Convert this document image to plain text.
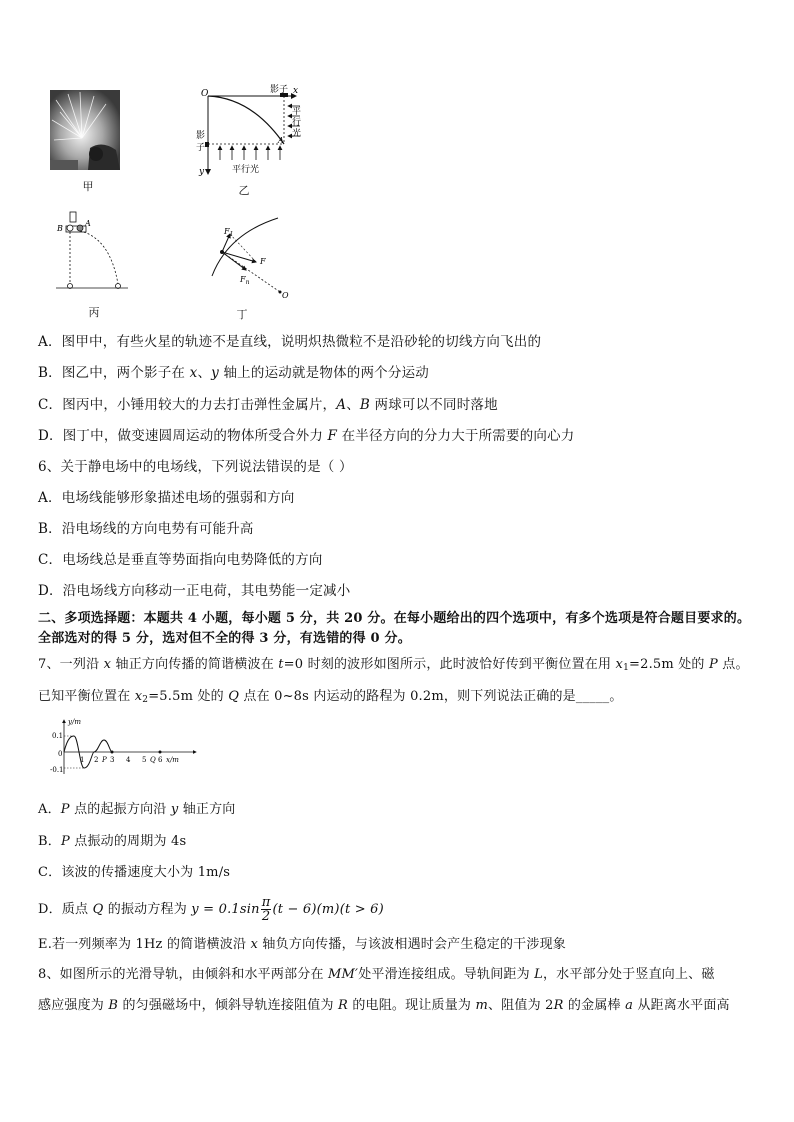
甲
O	影子 x
y
影
子
平
行
光
平行光
A
乙
B
A
丙
$F_1$
F
$F_n$
O
丁
A．图甲中，有些火星的轨迹不是直线，说明炽热微粒不是沿砂轮的切线方向飞出的
B．图乙中，两个影子在 x、y 轴上的运动就是物体的两个分运动
C．图丙中，小锤用较大的力去打击弹性金属片，A、B 两球可以不同时落地
D．图丁中，做变速圆周运动的物体所受合外力 F 在半径方向的分力大于所需要的向心力
6、关于静电场中的电场线，下列说法错误的是（ ）
A．电场线能够形象描述电场的强弱和方向
B．沿电场线的方向电势有可能升高
C．电场线总是垂直等势面指向电势降低的方向
D．沿电场线方向移动一正电荷，其电势能一定减小
二、多项选择题：本题共 4 小题，每小题 5 分，共 20 分。在每小题给出的四个选项中，有多个选项是符合题目要求的。
全部选对的得 5 分，选对但不全的得 3 分，有选错的得 0 分。
7、一列沿 x 轴正方向传播的简谐横波在 t=0 时刻的波形如图所示，此时波恰好传到平衡位置在用 $x_1=2.5m$ 处的 P 点。
已知平衡位置在 $x_2=5.5m$ 处的 Q 点在 0~8s 内运动的路程为 0.2m，则下列说法正确的是_____。
0.1
0
-0.1
y/m
1 2 P 3 4 5 Q 6 x/m
A．P 点的起振方向沿 y 轴正方向
B．P 点振动的周期为 4s
C．该波的传播速度大小为 1m/s
D．质点 Q 的振动方程为 $y = 0.1\sin \frac{\pi}{2} (t - 6)(m)(t > 6)$
E.若一列频率为 1Hz 的简谐横波沿 x 轴负方向传播，与该波相遇时会产生稳定的干涉现象
8、如图所示的光滑导轨，由倾斜和水平两部分在 MM′处平滑连接组成。导轨间距为 L，水平部分处于竖直向上、磁
感应强度为 B 的匀强磁场中，倾斜导轨连接阻值为 R 的电阻。现让质量为 m、阻值为 2R 的金属棒 a 从距离水平面高
